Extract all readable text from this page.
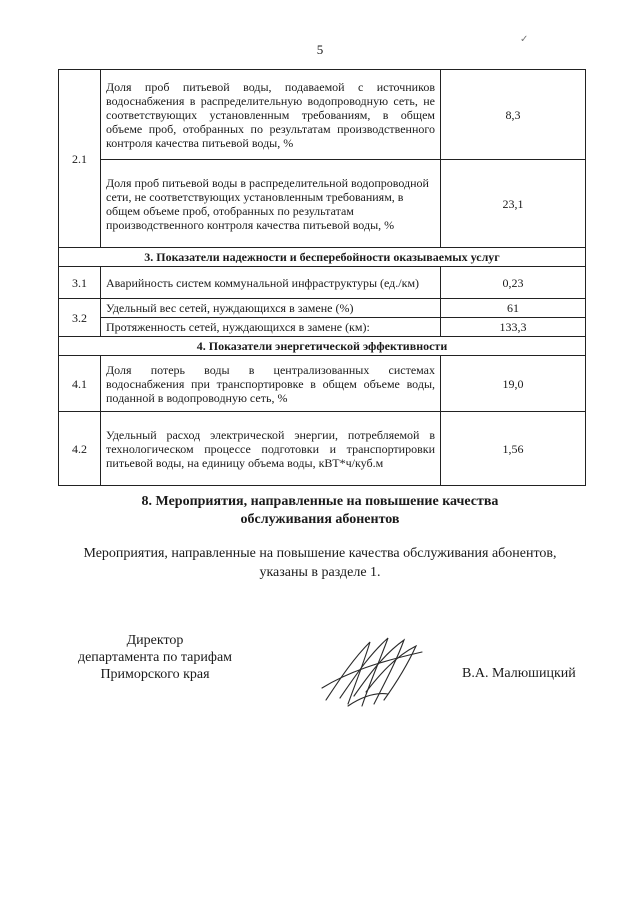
5
✓
2.1	Доля проб питьевой воды, подаваемой с источников водоснабжения в распределительную водопроводную сеть, не соответствующих установленным требованиям, в общем объеме проб, отобранных по результатам производственного контроля качества питьевой воды, %	8,3
	Доля проб питьевой воды в распределительной водопроводной сети, не соответствующих установленным требованиям, в общем объеме проб, отобранных по результатам производственного контроля качества питьевой воды, %	23,1
3. Показатели надежности и бесперебойности оказываемых услуг		
3.1	Аварийность систем коммунальной инфраструктуры (ед./км)	0,23
3.2	Удельный вес сетей, нуждающихся в замене (%)	61
	Протяженность сетей, нуждающихся в замене (км):	133,3
4. Показатели энергетической эффективности		
4.1	Доля потерь воды в централизованных системах водоснабжения при транспортировке в общем объеме воды, поданной в водопроводную сеть, %	19,0
4.2	Удельный расход электрической энергии, потребляемой в технологическом процессе подготовки и транспортировки питьевой воды, на единицу объема воды, кВТ*ч/куб.м	1,56
8. Мероприятия, направленные на повышение качества
обслуживания абонентов
Мероприятия, направленные на повышение качества обслуживания абонентов,
указаны в разделе 1.
Директор
департамента по тарифам
Приморского края	В.А. Малюшицкий
